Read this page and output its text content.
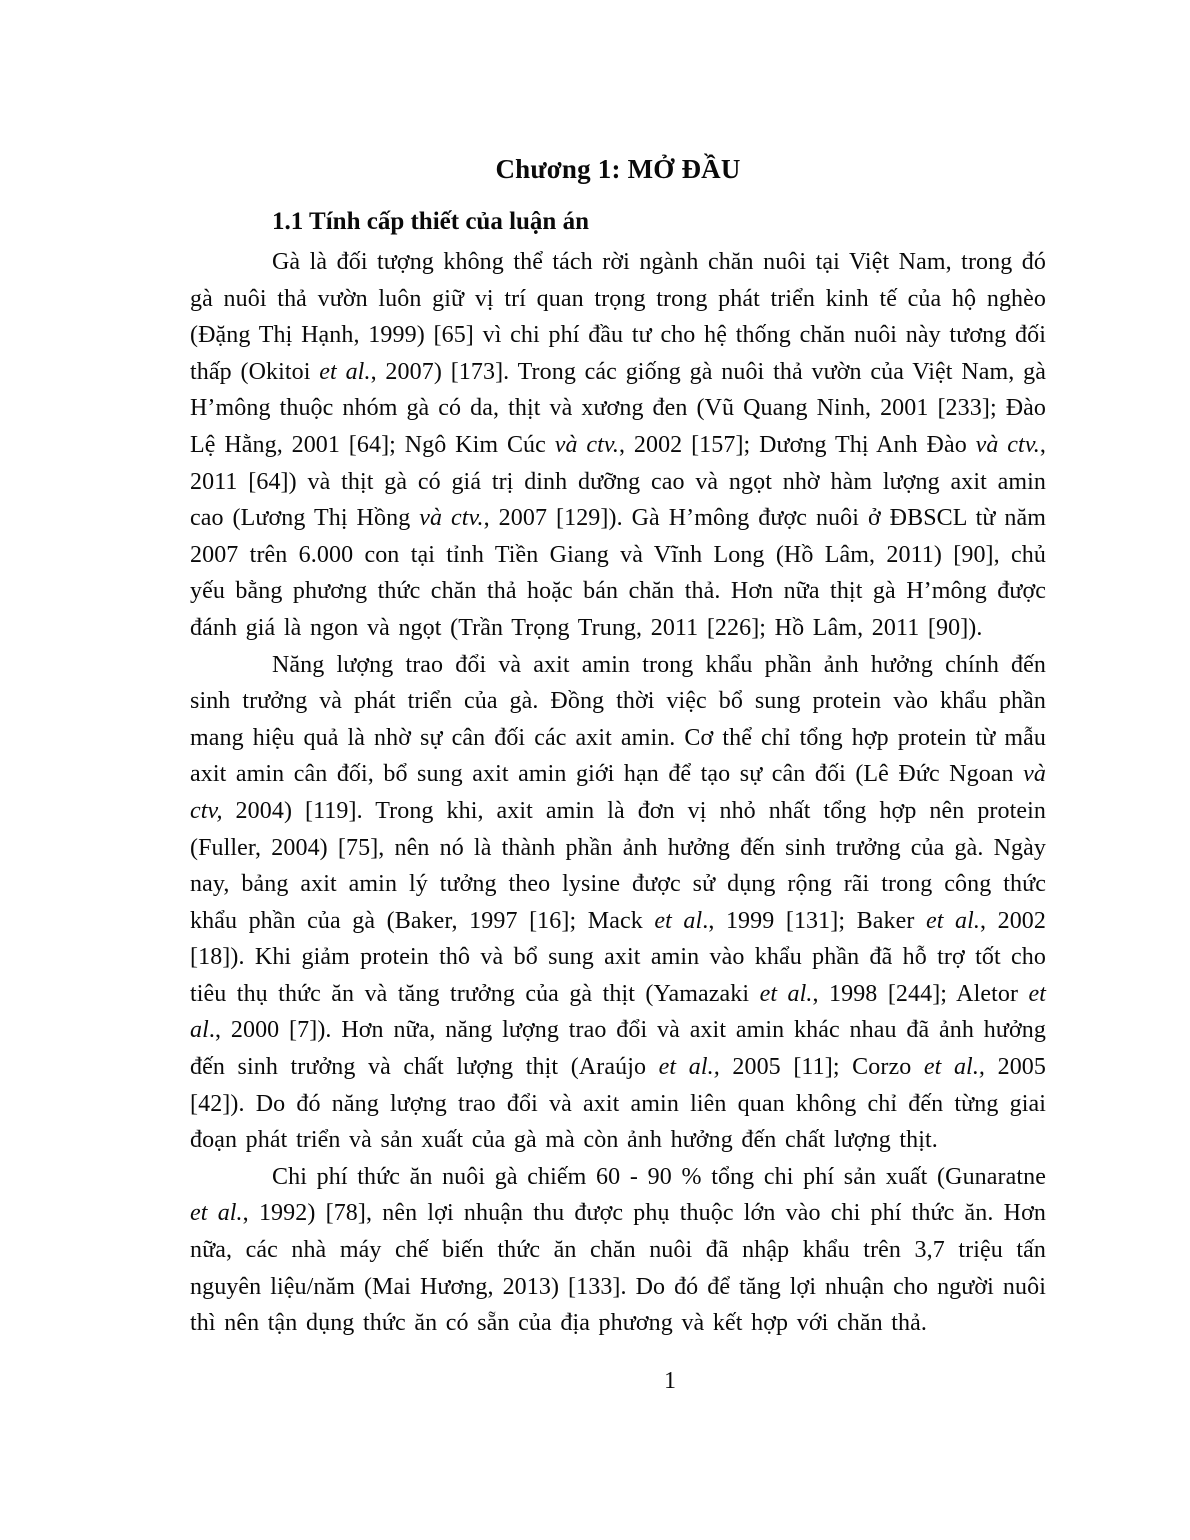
Chương 1: MỞ ĐẦU
1.1 Tính cấp thiết của luận án

Gà là đối tượng không thể tách rời ngành chăn nuôi tại Việt Nam, trong đó gà nuôi thả vườn luôn giữ vị trí quan trọng trong phát triển kinh tế của hộ nghèo (Đặng Thị Hạnh, 1999) [65] vì chi phí đầu tư cho hệ thống chăn nuôi này tương đối thấp (Okitoi et al., 2007) [173]. Trong các giống gà nuôi thả vườn của Việt Nam, gà H’mông thuộc nhóm gà có da, thịt và xương đen (Vũ Quang Ninh, 2001 [233]; Đào Lệ Hằng, 2001 [64]; Ngô Kim Cúc và ctv., 2002 [157]; Dương Thị Anh Đào và ctv., 2011 [64]) và thịt gà có giá trị dinh dưỡng cao và ngọt nhờ hàm lượng axit amin cao (Lương Thị Hồng và ctv., 2007 [129]). Gà H’mông được nuôi ở ĐBSCL từ năm 2007 trên 6.000 con tại tỉnh Tiền Giang và Vĩnh Long (Hồ Lâm, 2011) [90], chủ yếu bằng phương thức chăn thả hoặc bán chăn thả. Hơn nữa thịt gà H’mông được đánh giá là ngon và ngọt (Trần Trọng Trung, 2011 [226]; Hồ Lâm, 2011 [90]).

Năng lượng trao đổi và axit amin trong khẩu phần ảnh hưởng chính đến sinh trưởng và phát triển của gà. Đồng thời việc bổ sung protein vào khẩu phần mang hiệu quả là nhờ sự cân đối các axit amin. Cơ thể chỉ tổng hợp protein từ mẫu axit amin cân đối, bổ sung axit amin giới hạn để tạo sự cân đối (Lê Đức Ngoan và ctv, 2004) [119]. Trong khi, axit amin là đơn vị nhỏ nhất tổng hợp nên protein (Fuller, 2004) [75], nên nó là thành phần ảnh hưởng đến sinh trưởng của gà. Ngày nay, bảng axit amin lý tưởng theo lysine được sử dụng rộng rãi trong công thức khẩu phần của gà (Baker, 1997 [16]; Mack et al., 1999 [131]; Baker et al., 2002 [18]). Khi giảm protein thô và bổ sung axit amin vào khẩu phần đã hỗ trợ tốt cho tiêu thụ thức ăn và tăng trưởng của gà thịt (Yamazaki et al., 1998 [244]; Aletor et al., 2000 [7]). Hơn nữa, năng lượng trao đổi và axit amin khác nhau đã ảnh hưởng đến sinh trưởng và chất lượng thịt (Araújo et al., 2005 [11]; Corzo et al., 2005 [42]). Do đó năng lượng trao đổi và axit amin liên quan không chỉ đến từng giai đoạn phát triển và sản xuất của gà mà còn ảnh hưởng đến chất lượng thịt.

Chi phí thức ăn nuôi gà chiếm 60 - 90 % tổng chi phí sản xuất (Gunaratne et al., 1992) [78], nên lợi nhuận thu được phụ thuộc lớn vào chi phí thức ăn. Hơn nữa, các nhà máy chế biến thức ăn chăn nuôi đã nhập khẩu trên 3,7 triệu tấn nguyên liệu/năm (Mai Hương, 2013) [133]. Do đó để tăng lợi nhuận cho người nuôi thì nên tận dụng thức ăn có sẵn của địa phương và kết hợp với chăn thả.

1
